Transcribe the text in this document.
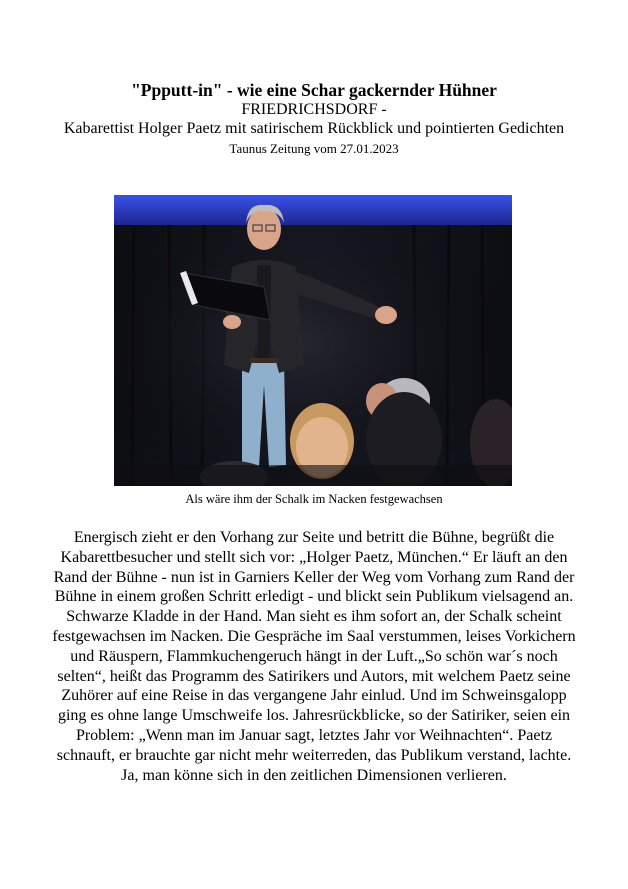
"Ppputt-in" - wie eine Schar gackernder Hühner

FRIEDRICHSDORF -

Kabarettist Holger Paetz mit satirischem Rückblick und pointierten Gedichten

Taunus Zeitung vom 27.01.2023

Als wäre ihm der Schalk im Nacken festgewachsen

Energisch zieht er den Vorhang zur Seite und betritt die Bühne, begrüßt die Kabarettbesucher und stellt sich vor: „Holger Paetz, München.“ Er läuft an den Rand der Bühne - nun ist in Garniers Keller der Weg vom Vorhang zum Rand der Bühne in einem großen Schritt erledigt - und blickt sein Publikum vielsagend an. Schwarze Kladde in der Hand. Man sieht es ihm sofort an, der Schalk scheint festgewachsen im Nacken. Die Gespräche im Saal verstummen, leises Vorkichern und Räuspern, Flammkuchengeruch hängt in der Luft.„So schön war´s noch selten“, heißt das Programm des Satirikers und Autors, mit welchem Paetz seine Zuhörer auf eine Reise in das vergangene Jahr einlud. Und im Schweinsgalopp ging es ohne lange Umschweife los. Jahresrückblicke, so der Satiriker, seien ein Problem: „Wenn man im Januar sagt, letztes Jahr vor Weihnachten“. Paetz schnauft, er brauchte gar nicht mehr weiterreden, das Publikum verstand, lachte. Ja, man könne sich in den zeitlichen Dimensionen verlieren.
